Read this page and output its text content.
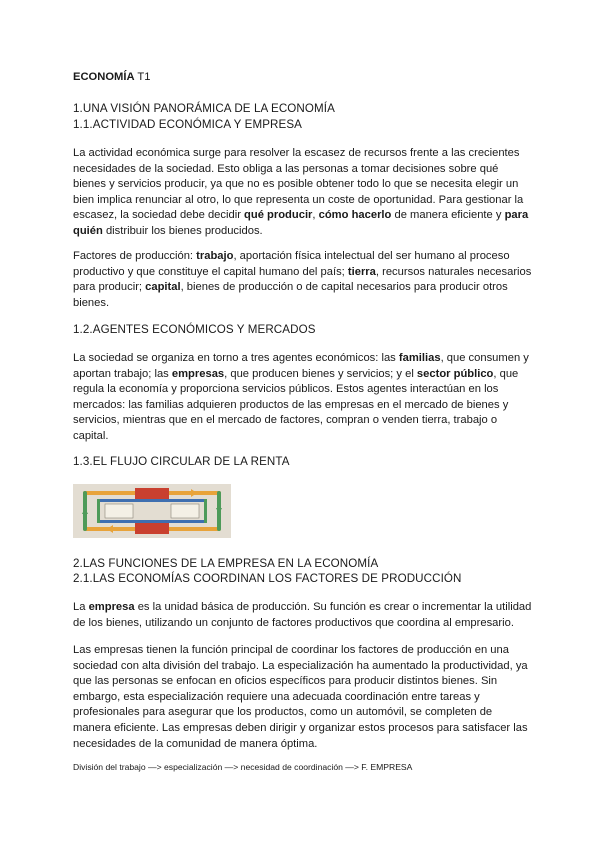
ECONOMÍA T1
1.UNA VISIÓN PANORÁMICA DE LA ECONOMÍA
1.1.ACTIVIDAD ECONÓMICA Y EMPRESA

La actividad económica surge para resolver la escasez de recursos frente a las crecientes necesidades de la sociedad. Esto obliga a las personas a tomar decisiones sobre qué bienes y servicios producir, ya que no es posible obtener todo lo que se necesita elegir un bien implica renunciar al otro, lo que representa un coste de oportunidad. Para gestionar la escasez, la sociedad debe decidir qué producir, cómo hacerlo de manera eficiente y para quién distribuir los bienes producidos.

Factores de producción: trabajo, aportación física intelectual del ser humano al proceso productivo y que constituye el capital humano del país; tierra, recursos naturales necesarios para producir; capital, bienes de producción o de capital necesarios para producir otros bienes.

1.2.AGENTES ECONÓMICOS Y MERCADOS

La sociedad se organiza en torno a tres agentes económicos: las familias, que consumen y aportan trabajo; las empresas, que producen bienes y servicios; y el sector público, que regula la economía y proporciona servicios públicos. Estos agentes interactúan en los mercados: las familias adquieren productos de las empresas en el mercado de bienes y servicios, mientras que en el mercado de factores, compran o venden tierra, trabajo o capital.

1.3.EL FLUJO CIRCULAR DE LA RENTA
2.LAS FUNCIONES DE LA EMPRESA EN LA ECONOMÍA
2.1.LAS ECONOMÍAS COORDINAN LOS FACTORES DE PRODUCCIÓN

La empresa es la unidad básica de producción. Su función es crear o incrementar la utilidad de los bienes, utilizando un conjunto de factores productivos que coordina al empresario.

Las empresas tienen la función principal de coordinar los factores de producción en una sociedad con alta división del trabajo. La especialización ha aumentado la productividad, ya que las personas se enfocan en oficios específicos para producir distintos bienes. Sin embargo, esta especialización requiere una adecuada coordinación entre tareas y profesionales para asegurar que los productos, como un automóvil, se completen de manera eficiente. Las empresas deben dirigir y organizar estos procesos para satisfacer las necesidades de la comunidad de manera óptima.

División del trabajo —> especialización —> necesidad de coordinación —> F. EMPRESA
